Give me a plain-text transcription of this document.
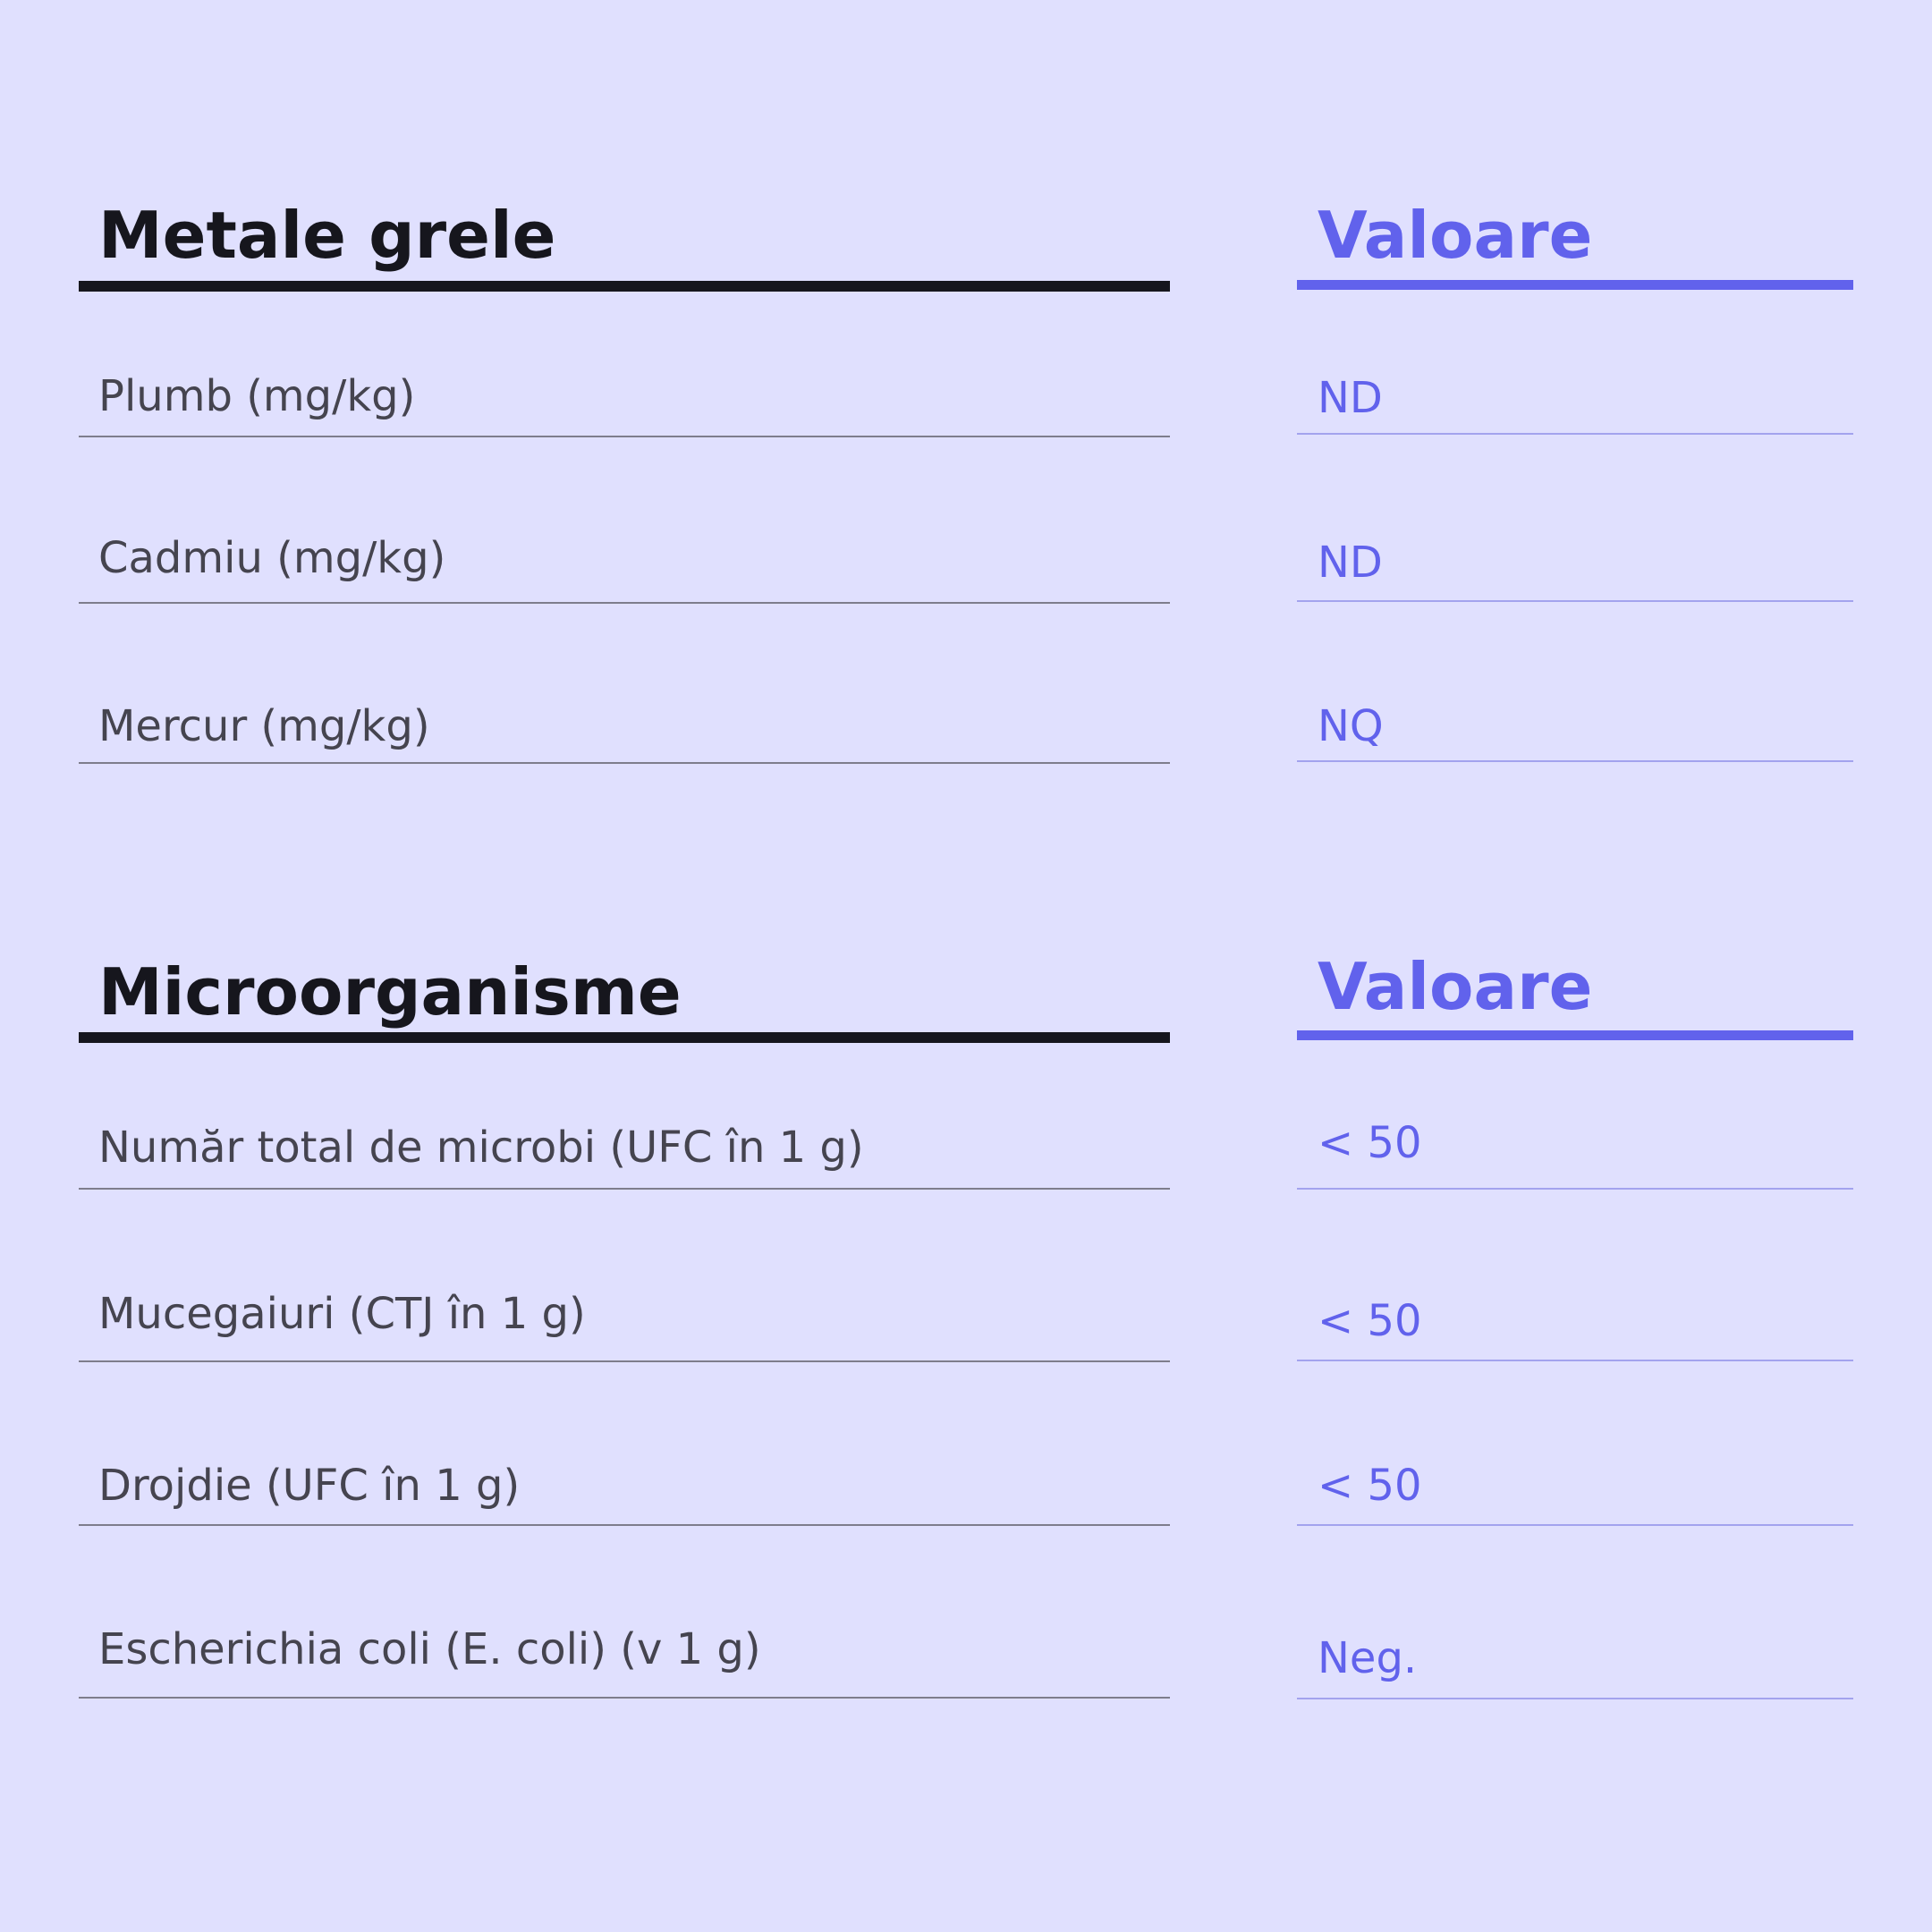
Metale grele	Valoare
Plumb (mg/kg)	ND
Cadmiu (mg/kg)	ND
Mercur (mg/kg)	NQ
Microorganisme	Valoare
Număr total de microbi (UFC în 1 g)	< 50
Mucegaiuri (CTJ în 1 g)	< 50
Drojdie (UFC în 1 g)	< 50
Escherichia coli (E. coli) (v 1 g)	Neg.
